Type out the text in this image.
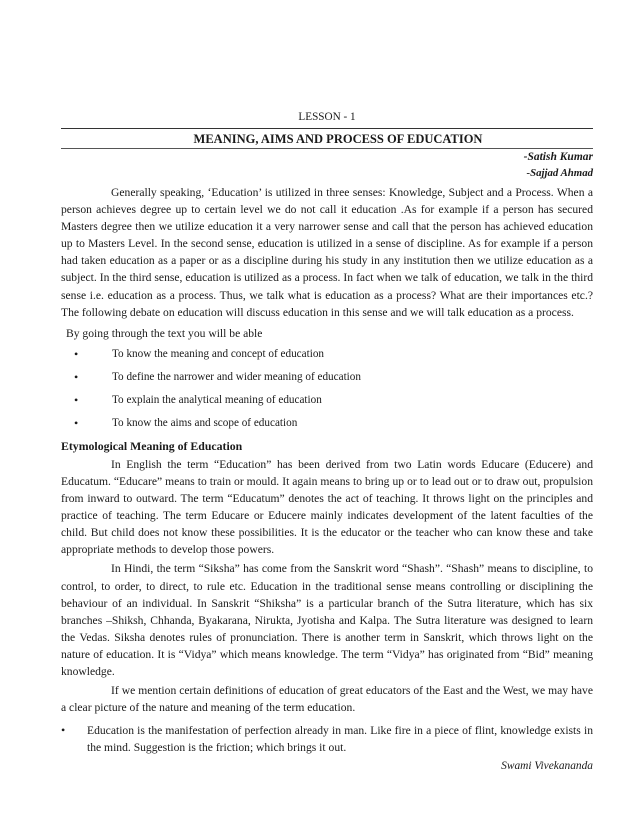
LESSON - 1

MEANING, AIMS AND PROCESS OF EDUCATION

-Satish Kumar

-Sajjad Ahmad

Generally speaking, ‘Education’ is utilized in three senses: Knowledge, Subject and a Process. When a person achieves degree up to certain level we do not call it education .As for example if a person has secured Masters degree then we utilize education it a very narrower sense and call that the person has achieved education up to Masters Level. In the second sense, education is utilized in a sense of discipline. As for example if a person had taken education as a paper or as a discipline during his study in any institution then we utilize education as a subject. In the third sense, education is utilized as a process. In fact when we talk of education, we talk in the third sense i.e. education as a process. Thus, we talk what is education as a process? What are their importances etc.? The following debate on education will discuss education in this sense and we will talk education as a process.

By going through the text you will be able

•	To know the meaning and concept of education
•	To define the narrower and wider meaning of education
•	To explain the analytical meaning of education
•	To know the aims and scope of education

Etymological Meaning of Education

In English the term “Education” has been derived from two Latin words Educare (Educere) and Educatum. “Educare” means to train or mould. It again means to bring up or to lead out or to draw out, propulsion from inward to outward. The term “Educatum” denotes the act of teaching. It throws light on the principles and practice of teaching. The term Educare or Educere mainly indicates development of the latent faculties of the child. But child does not know these possibilities. It is the educator or the teacher who can know these and take appropriate methods to develop those powers.

In Hindi, the term “Siksha” has come from the Sanskrit word “Shash”. “Shash” means to discipline, to control, to order, to direct, to rule etc. Education in the traditional sense means controlling or disciplining the behaviour of an individual. In Sanskrit “Shiksha” is a particular branch of the Sutra literature, which has six branches –Shiksh, Chhanda, Byakarana, Nirukta, Jyotisha and Kalpa. The Sutra literature was designed to learn the Vedas. Siksha denotes rules of pronunciation. There is another term in Sanskrit, which throws light on the nature of education. It is “Vidya” which means knowledge. The term “Vidya” has originated from “Bid” meaning knowledge.

If we mention certain definitions of education of great educators of the East and the West, we may have a clear picture of the nature and meaning of the term education.

• Education is the manifestation of perfection already in man. Like fire in a piece of flint, knowledge exists in the mind. Suggestion is the friction; which brings it out.

Swami Vivekananda
